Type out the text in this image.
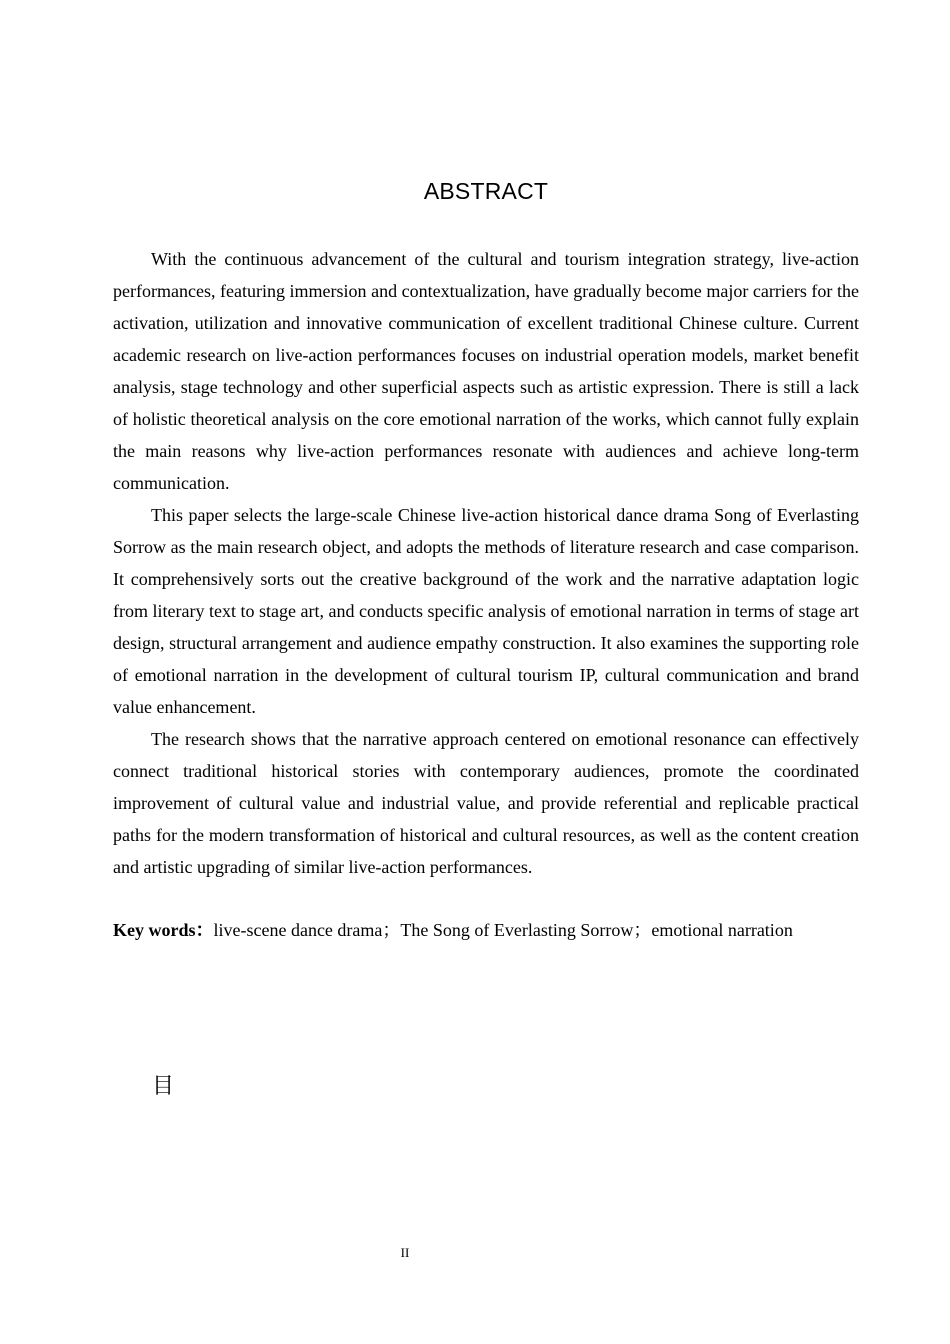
ABSTRACT

With the continuous advancement of the cultural and tourism integration strategy, live-action performances, featuring immersion and contextualization, have gradually become major carriers for the activation, utilization and innovative communication of excellent traditional Chinese culture. Current academic research on live-action performances focuses on industrial operation models, market benefit analysis, stage technology and other superficial aspects such as artistic expression. There is still a lack of holistic theoretical analysis on the core emotional narration of the works, which cannot fully explain the main reasons why live-action performances resonate with audiences and achieve long-term communication.

This paper selects the large-scale Chinese live-action historical dance drama Song of Everlasting Sorrow as the main research object, and adopts the methods of literature research and case comparison. It comprehensively sorts out the creative background of the work and the narrative adaptation logic from literary text to stage art, and conducts specific analysis of emotional narration in terms of stage art design, structural arrangement and audience empathy construction. It also examines the supporting role of emotional narration in the development of cultural tourism IP, cultural communication and brand value enhancement.

The research shows that the narrative approach centered on emotional resonance can effectively connect traditional historical stories with contemporary audiences, promote the coordinated improvement of cultural value and industrial value, and provide referential and replicable practical paths for the modern transformation of historical and cultural resources, as well as the content creation and artistic upgrading of similar live-action performances.

Key words：live-scene dance drama；The Song of Everlasting Sorrow；emotional narration
目
II
